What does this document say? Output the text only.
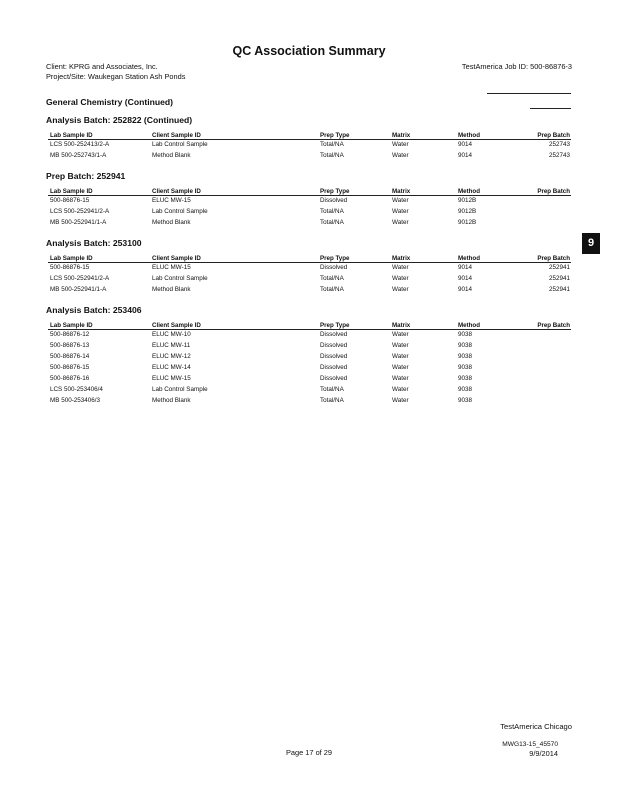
QC Association Summary
Client: KPRG and Associates, Inc.
Project/Site: Waukegan Station Ash Ponds
TestAmerica Job ID: 500-86876-3
General Chemistry (Continued)
9
Analysis Batch: 252822 (Continued)
Lab Sample ID	Client Sample ID	Prep Type	Matrix	Method	Prep Batch
LCS 500-252413/2-A	Lab Control Sample	Total/NA	Water	9014	252743
MB 500-252743/1-A	Method Blank	Total/NA	Water	9014	252743
Prep Batch: 252941
Lab Sample ID	Client Sample ID	Prep Type	Matrix	Method	Prep Batch
500-86876-15	ELUC MW-15	Dissolved	Water	9012B
LCS 500-252941/2-A	Lab Control Sample	Total/NA	Water	9012B
MB 500-252941/1-A	Method Blank	Total/NA	Water	9012B
Analysis Batch: 253100
Lab Sample ID	Client Sample ID	Prep Type	Matrix	Method	Prep Batch
500-86876-15	ELUC MW-15	Dissolved	Water	9014	252941
LCS 500-252941/2-A	Lab Control Sample	Total/NA	Water	9014	252941
MB 500-252941/1-A	Method Blank	Total/NA	Water	9014	252941
Analysis Batch: 253406
Lab Sample ID	Client Sample ID	Prep Type	Matrix	Method	Prep Batch
500-86876-12	ELUC MW-10	Dissolved	Water	9038
500-86876-13	ELUC MW-11	Dissolved	Water	9038
500-86876-14	ELUC MW-12	Dissolved	Water	9038
500-86876-15	ELUC MW-14	Dissolved	Water	9038
500-86876-16	ELUC MW-15	Dissolved	Water	9038
LCS 500-253406/4	Lab Control Sample	Total/NA	Water	9038
MB 500-253406/3	Method Blank	Total/NA	Water	9038
TestAmerica Chicago
Page 17 of 29
MWG13-15_45570
9/9/2014
